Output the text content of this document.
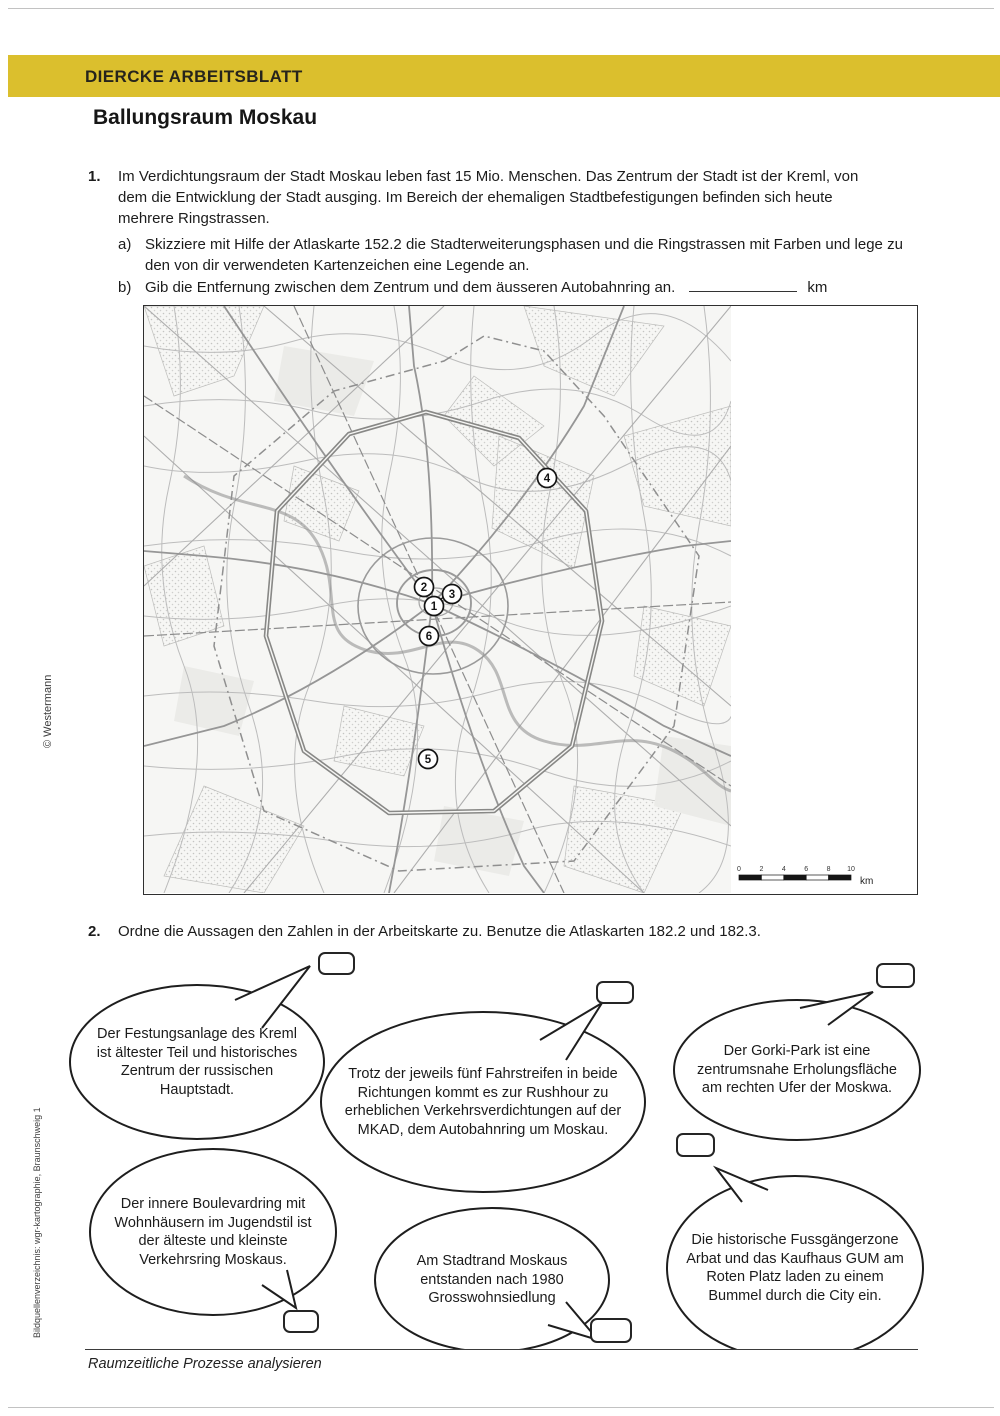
DIERCKE ARBEITSBLATT
Ballungsraum Moskau
1.	Im Verdichtungsraum der Stadt Moskau leben fast 15 Mio. Menschen. Das Zentrum der Stadt ist der Kreml, von dem die Entwicklung der Stadt ausging. Im Bereich der ehemaligen Stadtbefestigungen befinden sich heute mehrere Ringstrassen.
a) Skizziere mit Hilfe der Atlaskarte 152.2 die Stadterweiterungsphasen und die Ringstrassen mit Farben und lege zu den von dir verwendeten Kartenzeichen eine Legende an.
b) Gib die Entfernung zwischen dem Zentrum und dem äusseren Autobahnring an.	km
1
2
3
4
5
6
0	2	4	6	8 10
km
2.	Ordne die Aussagen den Zahlen in der Arbeitskarte zu. Benutze die Atlaskarten 182.2 und 182.3.
Der Festungsanlage des Kreml ist ältester Teil und historisches Zentrum der russischen Hauptstadt.
Trotz der jeweils fünf Fahrstreifen in beide Richtungen kommt es zur Rushhour zu erheblichen Verkehrsverdichtungen auf der MKAD, dem Autobahnring um Moskau.
Der Gorki-Park ist eine zentrumsnahe Erholungsfläche am rechten Ufer der Moskwa.
Der innere Boulevardring mit Wohnhäusern im Jugendstil ist der älteste und kleinste Verkehrsring Moskaus.	Am Stadtrand Moskaus entstanden nach 1980 Grosswohnsiedlung
Die historische Fussgängerzone Arbat und das Kaufhaus GUM am Roten Platz laden zu einem Bummel durch die City ein.
© Westermann
Bildquellenverzeichnis: wgr-kartographie, Braunschweig 1
Raumzeitliche Prozesse analysieren
